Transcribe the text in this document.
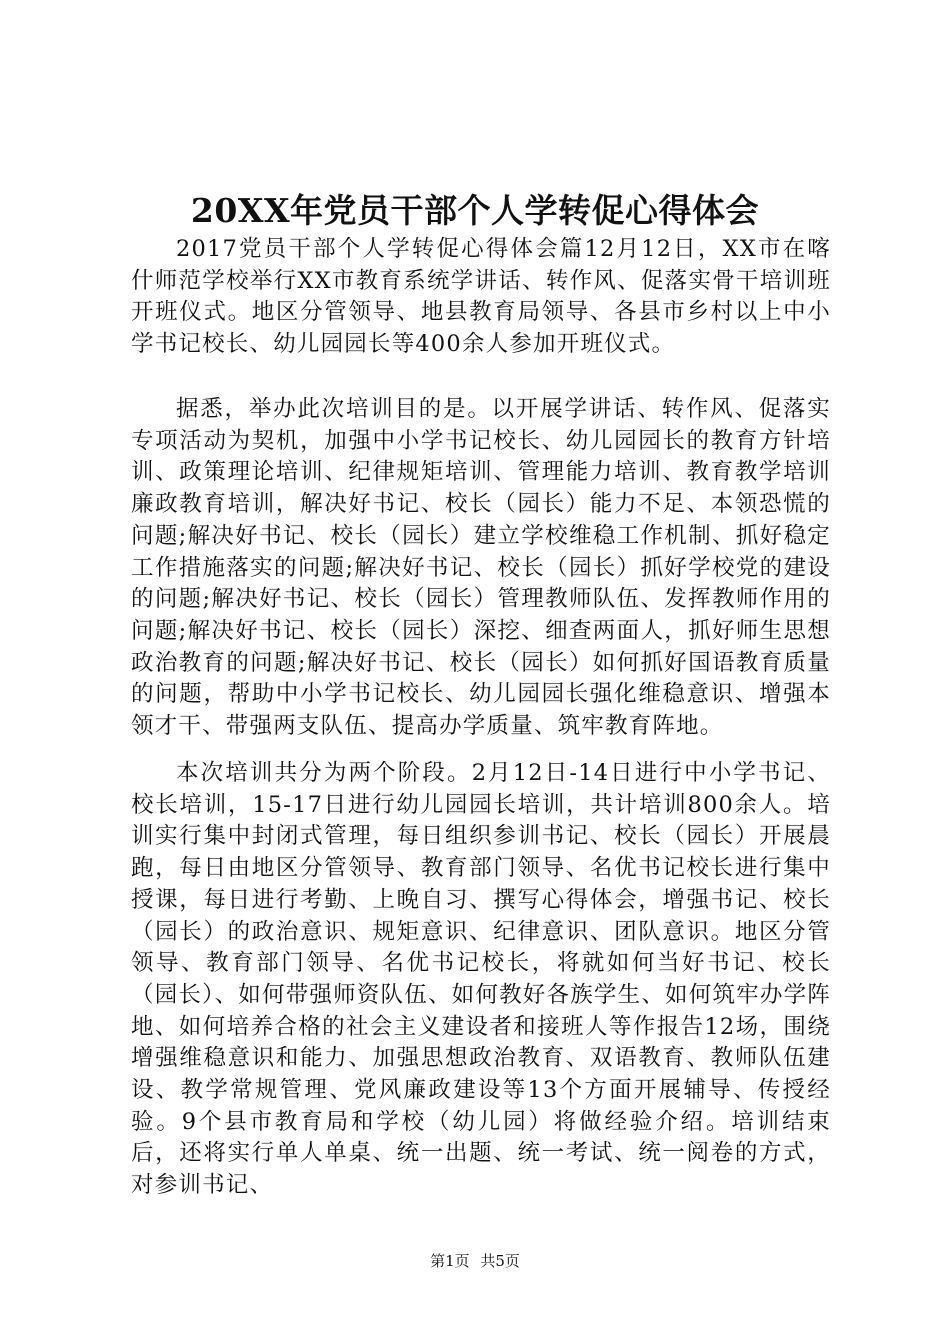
20XX年党员干部个人学转促心得体会

2017党员干部个人学转促心得体会篇12月12日，XX市在喀什师范学校举行XX市教育系统学讲话、转作风、促落实骨干培训班开班仪式。地区分管领导、地县教育局领导、各县市乡村以上中小学书记校长、幼儿园园长等400余人参加开班仪式。

据悉，举办此次培训目的是。以开展学讲话、转作风、促落实专项活动为契机，加强中小学书记校长、幼儿园园长的教育方针培训、政策理论培训、纪律规矩培训、管理能力培训、教育教学培训廉政教育培训，解决好书记、校长（园长）能力不足、本领恐慌的问题;解决好书记、校长（园长）建立学校维稳工作机制、抓好稳定工作措施落实的问题;解决好书记、校长（园长）抓好学校党的建设的问题;解决好书记、校长（园长）管理教师队伍、发挥教师作用的问题;解决好书记、校长（园长）深挖、细查两面人，抓好师生思想政治教育的问题;解决好书记、校长（园长）如何抓好国语教育质量的问题，帮助中小学书记校长、幼儿园园长强化维稳意识、增强本领才干、带强两支队伍、提高办学质量、筑牢教育阵地。

本次培训共分为两个阶段。2月12日-14日进行中小学书记、校长培训，15-17日进行幼儿园园长培训，共计培训800余人。培训实行集中封闭式管理，每日组织参训书记、校长（园长）开展晨跑，每日由地区分管领导、教育部门领导、名优书记校长进行集中授课，每日进行考勤、上晚自习、撰写心得体会，增强书记、校长（园长）的政治意识、规矩意识、纪律意识、团队意识。地区分管领导、教育部门领导、名优书记校长，将就如何当好书记、校长（园长）、如何带强师资队伍、如何教好各族学生、如何筑牢办学阵地、如何培养合格的社会主义建设者和接班人等作报告12场，围绕增强维稳意识和能力、加强思想政治教育、双语教育、教师队伍建设、教学常规管理、党风廉政建设等13个方面开展辅导、传授经验。9个县市教育局和学校（幼儿园）将做经验介绍。培训结束后，还将实行单人单桌、统一出题、统一考试、统一阅卷的方式，对参训书记、

第1页 共5页
